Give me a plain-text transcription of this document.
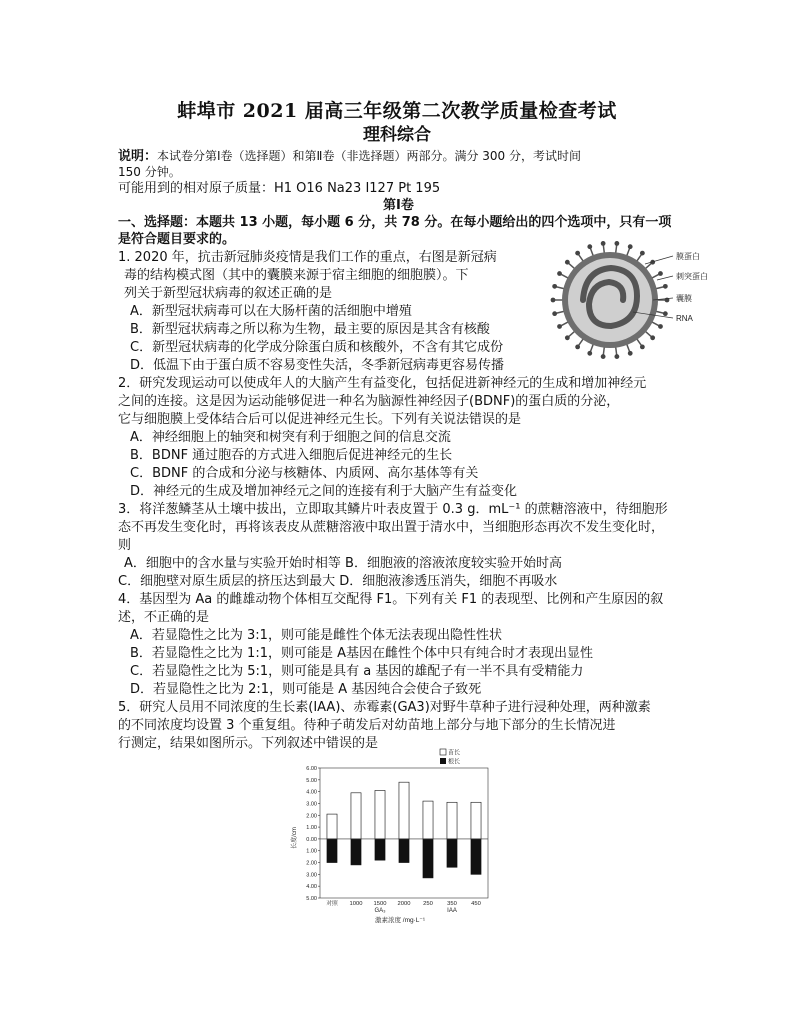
蚌埠市 2021 届高三年级第二次教学质量检查考试
理科综合
说明：本试卷分第Ⅰ卷（选择题）和第Ⅱ卷（非选择题）两部分。满分 300 分，考试时间
150 分钟。
可能用到的相对原子质量：H1 O16 Na23 I127 Pt 195
第Ⅰ卷
一、选择题：本题共 13 小题，每小题 6 分，共 78 分。在每小题给出的四个选项中，只有一项
是符合题目要求的。
1. 2020 年，抗击新冠肺炎疫情是我们工作的重点，右图是新冠病
毒的结构模式图（其中的囊膜来源于宿主细胞的细胞膜）。下
列关于新型冠状病毒的叙述正确的是
A．新型冠状病毒可以在大肠杆菌的活细胞中增殖
B．新型冠状病毒之所以称为生物，最主要的原因是其含有核酸
C．新型冠状病毒的化学成分除蛋白质和核酸外，不含有其它成份
D．低温下由于蛋白质不容易变性失活，冬季新冠病毒更容易传播
膜蛋白
刺突蛋白
囊膜
RNA
2．研究发现运动可以使成年人的大脑产生有益变化，包括促进新神经元的生成和增加神经元
之间的连接。这是因为运动能够促进一种名为脑源性神经因子(BDNF)的蛋白质的分泌，
它与细胞膜上受体结合后可以促进神经元生长。下列有关说法错误的是
A．神经细胞上的轴突和树突有利于细胞之间的信息交流
B．BDNF 通过胞吞的方式进入细胞后促进神经元的生长
C．BDNF 的合成和分泌与核糖体、内质网、高尔基体等有关
D．神经元的生成及增加神经元之间的连接有利于大脑产生有益变化
3．将洋葱鳞茎从土壤中拔出，立即取其鳞片叶表皮置于 0.3 g．mL⁻¹ 的蔗糖溶液中，待细胞形
态不再发生变化时，再将该表皮从蔗糖溶液中取出置于清水中，当细胞形态再次不发生变化时，
则
A．细胞中的含水量与实验开始时相等 B．细胞液的溶液浓度较实验开始时高
C．细胞壁对原生质层的挤压达到最大 D．细胞液渗透压消失，细胞不再吸水
4．基因型为 Aa 的雌雄动物个体相互交配得 F1。下列有关 F1 的表现型、比例和产生原因的叙
述，不正确的是
A．若显隐性之比为 3:1，则可能是雌性个体无法表现出隐性性状
B．若显隐性之比为 1:1，则可能是 A基因在雌性个体中只有纯合时才表现出显性
C．若显隐性之比为 5:1，则可能是具有 a 基因的雄配子有一半不具有受精能力
D．若显隐性之比为 2:1，则可能是 A 基因纯合会使合子致死
5．研究人员用不同浓度的生长素(IAA)、赤霉素(GA3)对野牛草种子进行浸种处理，两种激素
的不同浓度均设置 3 个重复组。待种子萌发后对幼苗地上部分与地下部分的生长情况进
行测定，结果如图所示。下列叙述中错误的是
6.00
5.00
4.00
3.00
2.00
1.00
0.00
1.00
2.00
3.00
4.00
5.00
对照 1000 1500 2000 250 350 450
长度/cm
激素浓度 /mg·L⁻¹
GA₃	IAA
苗长
根长
